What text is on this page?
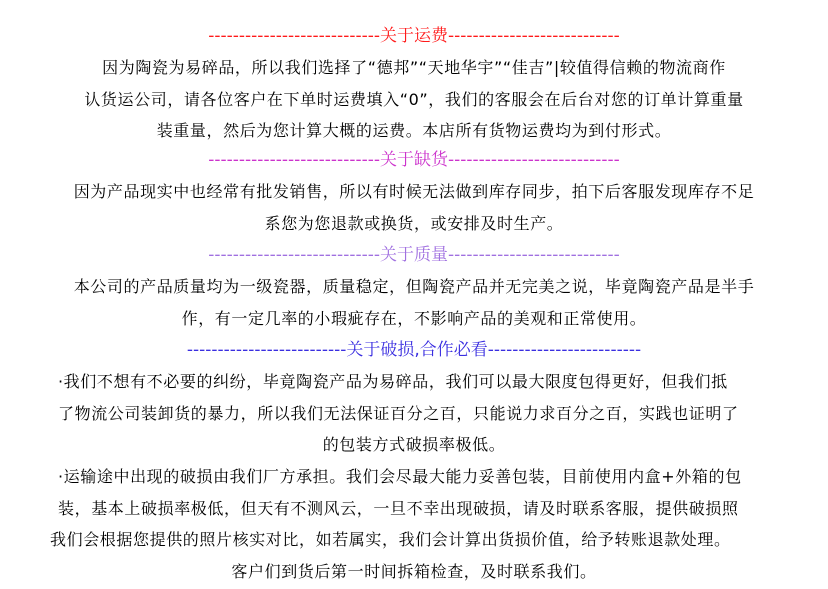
----------------------------关于运费----------------------------
因为陶瓷为易碎品，所以我们选择了“德邦”“天地华宇”“佳吉”|较值得信赖的物流商作
认货运公司，请各位客户在下单时运费填入“0”，我们的客服会在后台对您的订单计算重量
装重量，然后为您计算大概的运费。本店所有货物运费均为到付形式。
----------------------------关于缺货----------------------------
因为产品现实中也经常有批发销售，所以有时候无法做到库存同步，拍下后客服发现库存不足
系您为您退款或换货，或安排及时生产。
----------------------------关于质量----------------------------
本公司的产品质量均为一级瓷器，质量稳定，但陶瓷产品并无完美之说，毕竟陶瓷产品是半手
作，有一定几率的小瑕疵存在，不影响产品的美观和正常使用。
--------------------------关于破损,合作必看-------------------------
·我们不想有不必要的纠纷，毕竟陶瓷产品为易碎品，我们可以最大限度包得更好，但我们抵
了物流公司装卸货的暴力，所以我们无法保证百分之百，只能说力求百分之百，实践也证明了
的包装方式破损率极低。
·运输途中出现的破损由我们厂方承担。我们会尽最大能力妥善包装，目前使用内盒+外箱的包
装，基本上破损率极低，但天有不测风云，一旦不幸出现破损，请及时联系客服，提供破损照
我们会根据您提供的照片核实对比，如若属实，我们会计算出货损价值，给予转账退款处理。
客户们到货后第一时间拆箱检查，及时联系我们。
